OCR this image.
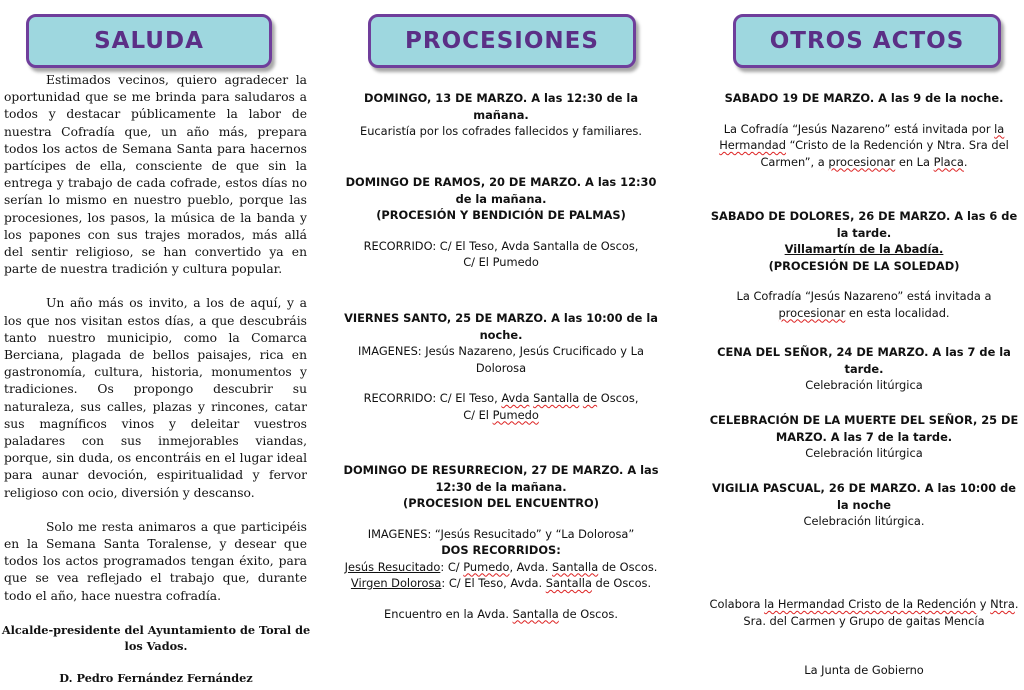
SALUDA

Estimados vecinos, quiero agradecer la oportunidad que se me brinda para saludaros a todos y destacar públicamente la labor de nuestra Cofradía que, un año más, prepara todos los actos de Semana Santa para hacernos partícipes de ella, consciente de que sin la entrega y trabajo de cada cofrade, estos días no serían lo mismo en nuestro pueblo, porque las procesiones, los pasos, la música de la banda y los papones con sus trajes morados, más allá del sentir religioso, se han convertido ya en parte de nuestra tradición y cultura popular.

Un año más os invito, a los de aquí, y a los que nos visitan estos días, a que descubráis tanto nuestro municipio, como la Comarca Berciana, plagada de bellos paisajes, rica en gastronomía, cultura, historia, monumentos y tradiciones. Os propongo descubrir su naturaleza, sus calles, plazas y rincones, catar sus magníficos vinos y deleitar vuestros paladares con sus inmejorables viandas, porque, sin duda, os encontráis en el lugar ideal para aunar devoción, espiritualidad y fervor religioso con ocio, diversión y descanso.

Solo me resta animaros a que participéis en la Semana Santa Toralense, y desear que todos los actos programados tengan éxito, para que se vea reflejado el trabajo que, durante todo el año, hace nuestra cofradía.

Alcalde-presidente del Ayuntamiento de Toral de los Vados.
D. Pedro Fernández Fernández
PROCESIONES
DOMINGO, 13 DE MARZO. A las 12:30 de la mañana.
Eucaristía por los cofrades fallecidos y familiares.
DOMINGO DE RAMOS, 20 DE MARZO. A las 12:30 de la mañana.
(PROCESIÓN Y BENDICIÓN DE PALMAS)
RECORRIDO: C/ El Teso, Avda Santalla de Oscos,
C/ El Pumedo
VIERNES SANTO, 25 DE MARZO. A las 10:00 de la noche.
IMAGENES: Jesús Nazareno, Jesús Crucificado y La Dolorosa
RECORRIDO: C/ El Teso, Avda Santalla de Oscos,
C/ El Pumedo
DOMINGO DE RESURRECION, 27 DE MARZO. A las 12:30 de la mañana.
(PROCESION DEL ENCUENTRO)
IMAGENES: “Jesús Resucitado” y “La Dolorosa”
DOS RECORRIDOS:
Jesús Resucitado: C/ Pumedo, Avda. Santalla de Oscos.
Virgen Dolorosa: C/ El Teso, Avda. Santalla de Oscos.
Encuentro en la Avda. Santalla de Oscos.
OTROS ACTOS
SABADO 19 DE MARZO. A las 9 de la noche.
La Cofradía “Jesús Nazareno” está invitada por la Hermandad “Cristo de la Redención y Ntra. Sra del Carmen”, a procesionar en La Placa.
SABADO DE DOLORES, 26 DE MARZO. A las 6 de la tarde.
Villamartín de la Abadía.
(PROCESIÓN DE LA SOLEDAD)
La Cofradía “Jesús Nazareno” está invitada a procesionar en esta localidad.
CENA DEL SEÑOR, 24 DE MARZO. A las 7 de la tarde.
Celebración litúrgica
CELEBRACIÓN DE LA MUERTE DEL SEÑOR, 25 DE MARZO. A las 7 de la tarde.
Celebración litúrgica
VIGILIA PASCUAL, 26 DE MARZO. A las 10:00 de la noche
Celebración litúrgica.
Colabora la Hermandad Cristo de la Redención y Ntra. Sra. del Carmen y Grupo de gaitas Mencía
La Junta de Gobierno
